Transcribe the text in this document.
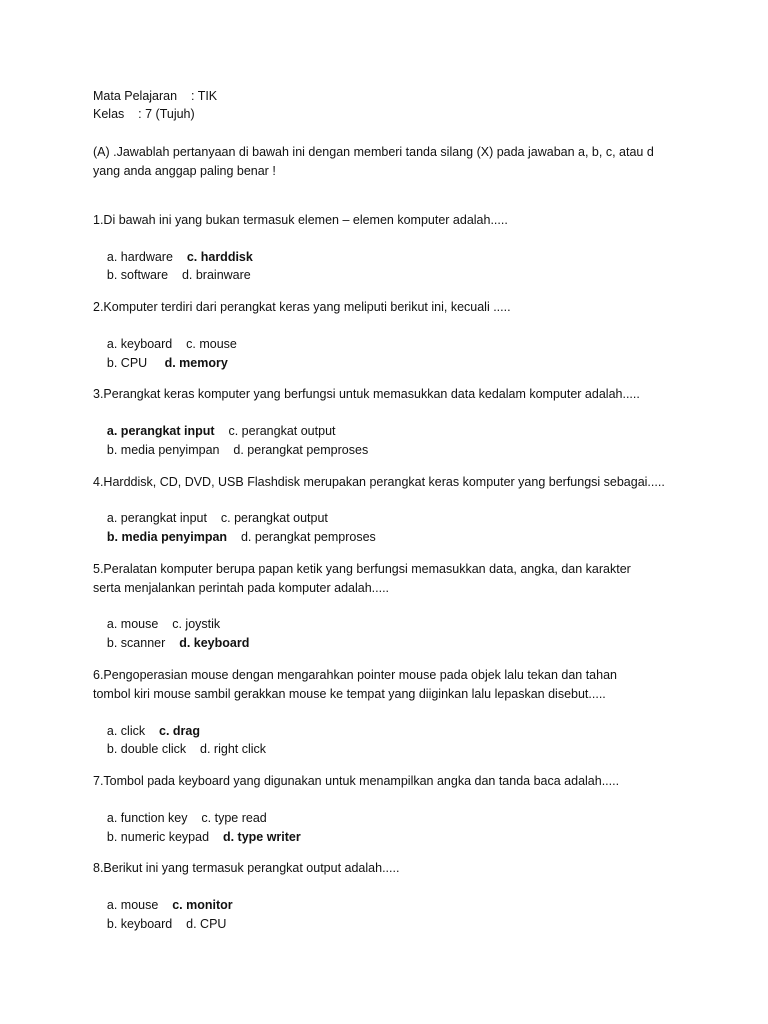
Mata Pelajaran    : TIK
Kelas    : 7 (Tujuh)
(A) .Jawablah pertanyaan di bawah ini dengan memberi tanda silang (X) pada jawaban a, b, c, atau d
yang anda anggap paling benar !
1.Di bawah ini yang bukan termasuk elemen – elemen komputer adalah.....

a. hardware c. harddisk

b. software d. brainware

2.Komputer terdiri dari perangkat keras yang meliputi berikut ini, kecuali .....

a. keyboard c. mouse

b. CPU d. memory

3.Perangkat keras komputer yang berfungsi untuk memasukkan data kedalam komputer adalah.....

a. perangkat input c. perangkat output

b. media penyimpan d. perangkat pemproses

4.Harddisk, CD, DVD, USB Flashdisk merupakan perangkat keras komputer yang berfungsi sebagai.....

a. perangkat input c. perangkat output

b. media penyimpan d. perangkat pemproses

5.Peralatan komputer berupa papan ketik yang berfungsi memasukkan data, angka, dan karakter
serta menjalankan perintah pada komputer adalah.....

a. mouse c. joystik

b. scanner d. keyboard

6.Pengoperasian mouse dengan mengarahkan pointer mouse pada objek lalu tekan dan tahan
tombol kiri mouse sambil gerakkan mouse ke tempat yang diiginkan lalu lepaskan disebut.....

a. click c. drag

b. double click d. right click

7.Tombol pada keyboard yang digunakan untuk menampilkan angka dan tanda baca adalah.....

a. function key c. type read

b. numeric keypad d. type writer

8.Berikut ini yang termasuk perangkat output adalah.....

a. mouse c. monitor

b. keyboard d. CPU
